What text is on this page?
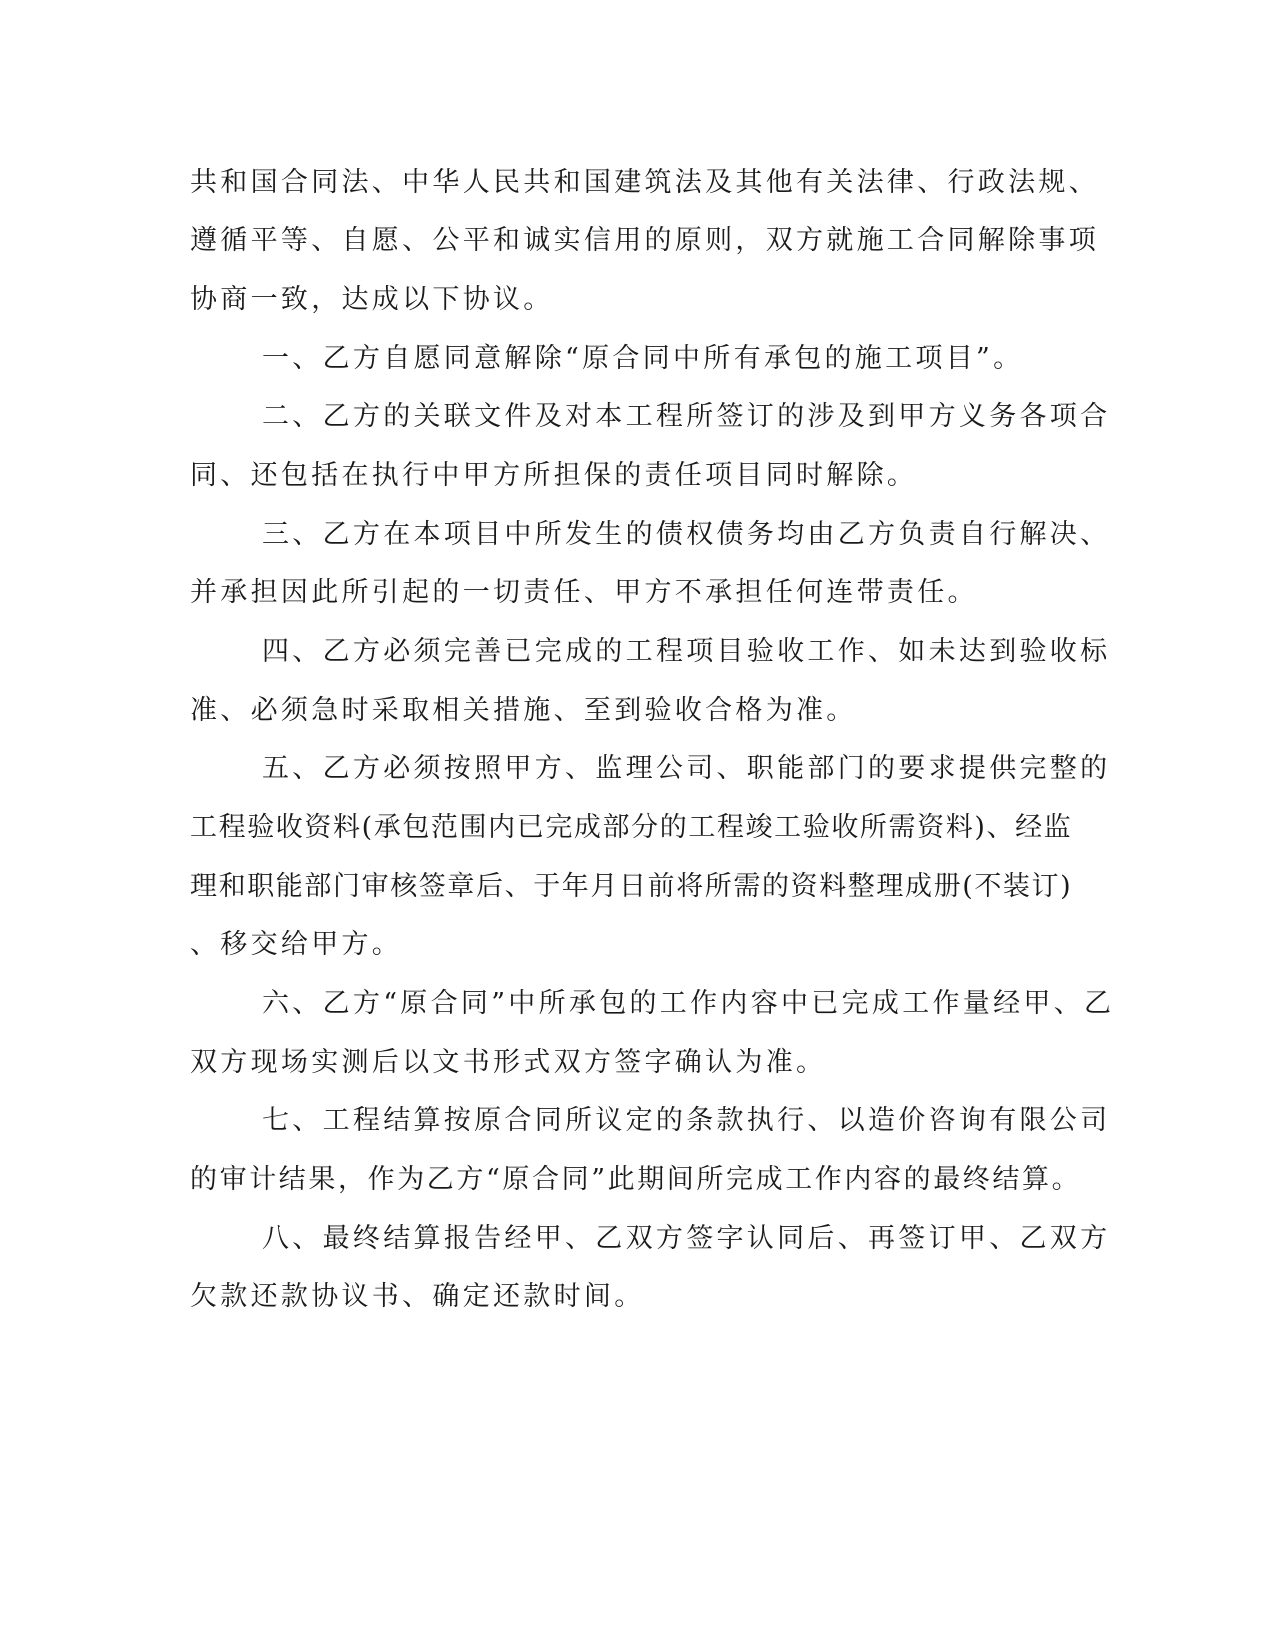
共和国合同法、中华人民共和国建筑法及其他有关法律、行政法规、

遵循平等、自愿、公平和诚实信用的原则，双方就施工合同解除事项

协商一致，达成以下协议。

一、乙方自愿同意解除“原合同中所有承包的施工项目”。

二、乙方的关联文件及对本工程所签订的涉及到甲方义务各项合

同、还包括在执行中甲方所担保的责任项目同时解除。

三、乙方在本项目中所发生的债权债务均由乙方负责自行解决、

并承担因此所引起的一切责任、甲方不承担任何连带责任。

四、乙方必须完善已完成的工程项目验收工作、如未达到验收标

准、必须急时采取相关措施、至到验收合格为准。

五、乙方必须按照甲方、监理公司、职能部门的要求提供完整的

工程验收资料(承包范围内已完成部分的工程竣工验收所需资料)、经监

理和职能部门审核签章后、于年月日前将所需的资料整理成册(不装订)

、移交给甲方。

六、乙方“原合同”中所承包的工作内容中已完成工作量经甲、乙

双方现场实测后以文书形式双方签字确认为准。

七、工程结算按原合同所议定的条款执行、以造价咨询有限公司

的审计结果，作为乙方“原合同”此期间所完成工作内容的最终结算。

八、最终结算报告经甲、乙双方签字认同后、再签订甲、乙双方

欠款还款协议书、确定还款时间。
